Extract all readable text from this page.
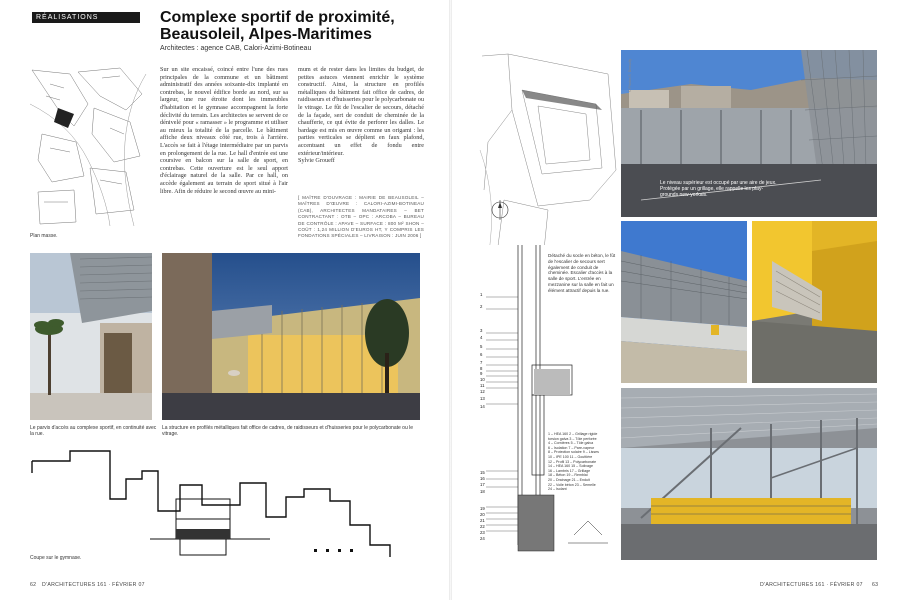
RÉALISATIONS	Complexe sportif de proximité,
Beausoleil, Alpes-Maritimes
Architectes : agence CAB, Calori-Azimi-Botineau
Plan masse.
Sur un site encaissé, coincé entre l'une des rues principales de la commune et un bâtiment administratif des années soixante-dix implanté en contrebas, le nouvel édifice borde au nord, sur sa largeur, une rue étroite dont les immeubles d'habitation et le gymnase accompagnent la forte déclivité du terrain. Les architectes se servent de ce dénivelé pour « ramasser » le programme et utiliser au mieux la totalité de la parcelle. Le bâtiment affiche deux niveaux côté rue, trois à l'arrière. L'accès se fait à l'étage intermédiaire par un parvis en prolongement de la rue. Le hall d'entrée est une coursive en balcon sur la salle de sport, en contrebas. Cette ouverture est le seul apport d'éclairage naturel de la salle. Par ce hall, on accède également au terrain de sport situé à l'air libre. Afin de réduire le second œuvre au mini-
mum et de rester dans les limites du budget, de petites astuces viennent enrichir le système constructif. Ainsi, la structure en profilés métalliques du bâtiment fait office de cadres, de raidisseurs et d'huisseries pour le polycarbonate ou le vitrage. Le fût de l'escalier de secours, détaché de la façade, sert de conduit de cheminée de la chaufferie, ce qui évite de perforer les dalles. Le bardage est mis en œuvre comme un origami : les parties verticales se déplient en faux plafond, accentuant un effet de fondu entre extérieur/intérieur.
Sylvie Groueff
[ MAÎTRE D'OUVRAGE : MAIRIE DE BEAUSOLEIL – MAÎTRES D'ŒUVRE : CALORI-AZIMI-BOTINEAU (CAB), ARCHITECTES MANDATAIRES – BET CONTRACTANT : OTB – OPC : ARCOBA – BUREAU DE CONTRÔLE : APAVE – SURFACE : 800 M² SHON – COÛT : 1,24 MILLION D'EUROS HT, Y COMPRIS LES FONDATIONS SPÉCIALES – LIVRAISON : JUIN 2006 ]
Le parvis d'accès au complexe sportif, en continuité avec la rue.
La structure en profilés métalliques fait office de cadres, de raidisseurs et d'huisseries pour le polycarbonate ou le vitrage.
Coupe sur le gymnase.
62 D'ARCHITECTURES 161 · FÉVRIER 07
Le niveau supérieur est occupé par une aire de jeux. Protégée par un grillage, elle rappelle les play-grounds new-yorkais.
© Photos S. Demailly
1
2
3
4
5
6
7
8
9
10
11
12
13
14
15
16
17
18
19
20
21
22
23
24
Détaché du socle en béton, le fût de l'escalier de secours sert également de conduit de cheminée. Escalier d'accès à la salle de sport. L'entrée en mezzanine sur la salle en fait un élément attractif depuis la rue.
1 – HEA 160 2 – Grillage rigide
torsion galva 3 – Tôle perforée
4 – Cornières 5 – Tôle galva
6 – Isolation 7 – Pare-vapeur
8 – Protection solaire 9 – Lisses
10 – IPE 100 11 – Gouttière
12 – Profil 13 – Polycarbonate
14 – HEA 160 15 – Solivage
16 – Lambris 17 – Grillage
18 – Béton 19 – Remblai
20 – Drainage 21 – Enduit
22 – Voile béton 23 – Semelle
24 – Isolant
D'ARCHITECTURES 161 · FÉVRIER 07 63
